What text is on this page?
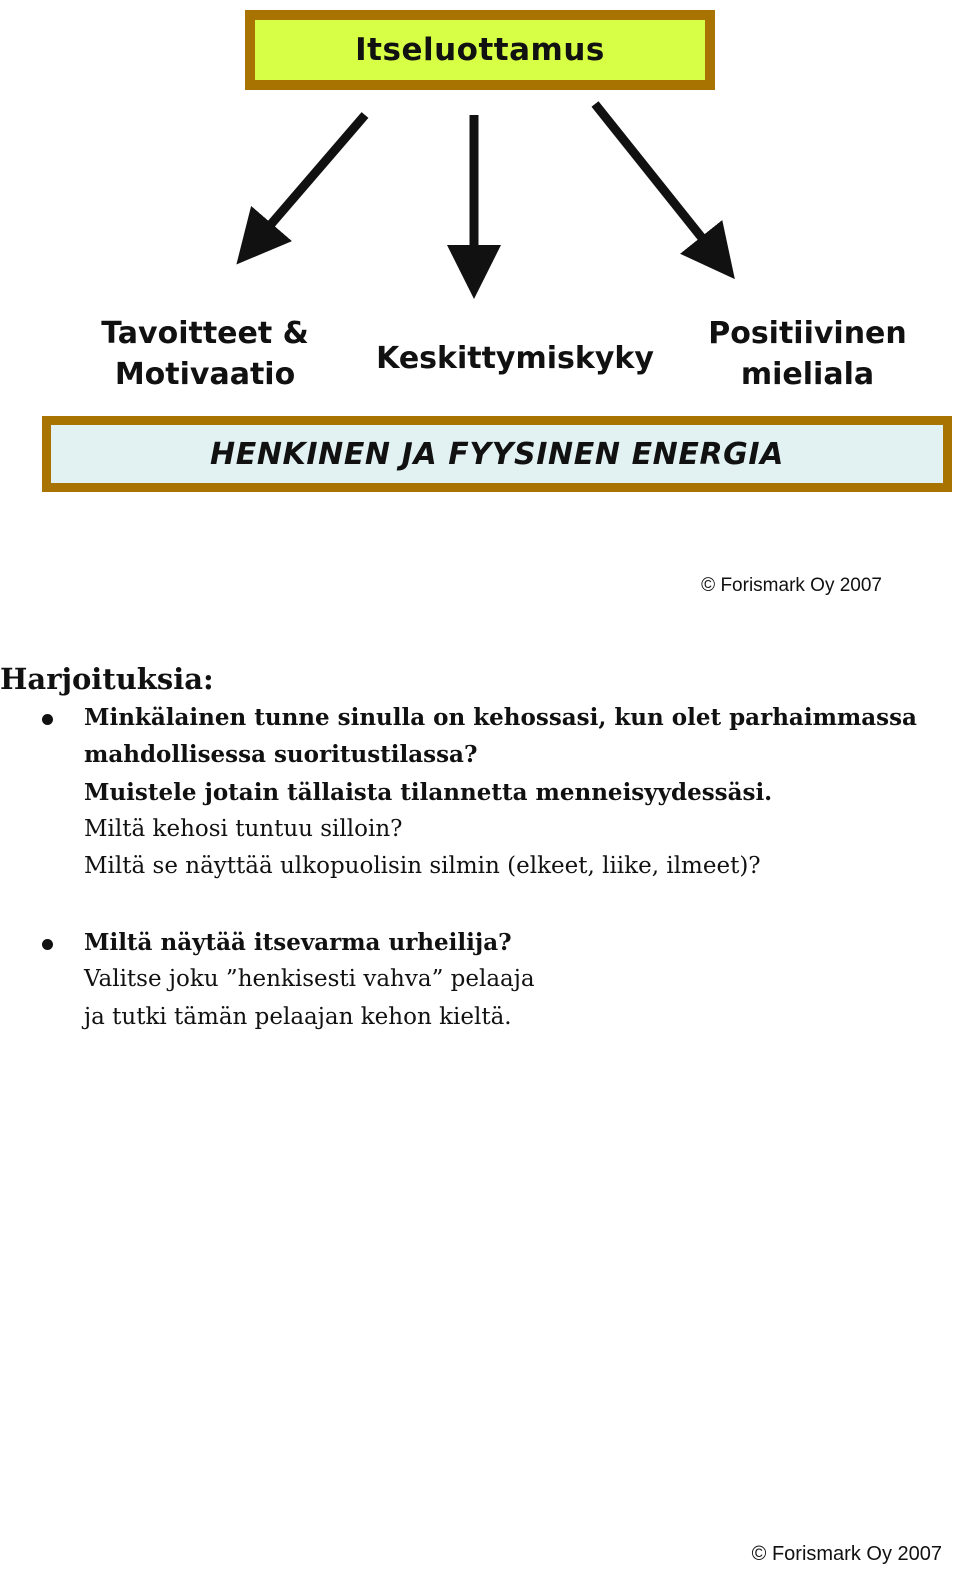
Itseluottamus
Tavoitteet &
Motivaatio	Keskittymiskyky
Positiivinen
mieliala
HENKINEN JA FYYSINEN ENERGIA
© Forismark Oy 2007
Harjoituksia:
Minkälainen tunne sinulla on kehossasi, kun olet parhaimmassa
mahdollisessa suoritustilassa?
Muistele jotain tällaista tilannetta menneisyydessäsi.
Miltä kehosi tuntuu silloin?
Miltä se näyttää ulkopuolisin silmin (elkeet, liike, ilmeet)?
Miltä näytää itsevarma urheilija?
Valitse joku ”henkisesti vahva” pelaaja
ja tutki tämän pelaajan kehon kieltä.
© Forismark Oy 2007
